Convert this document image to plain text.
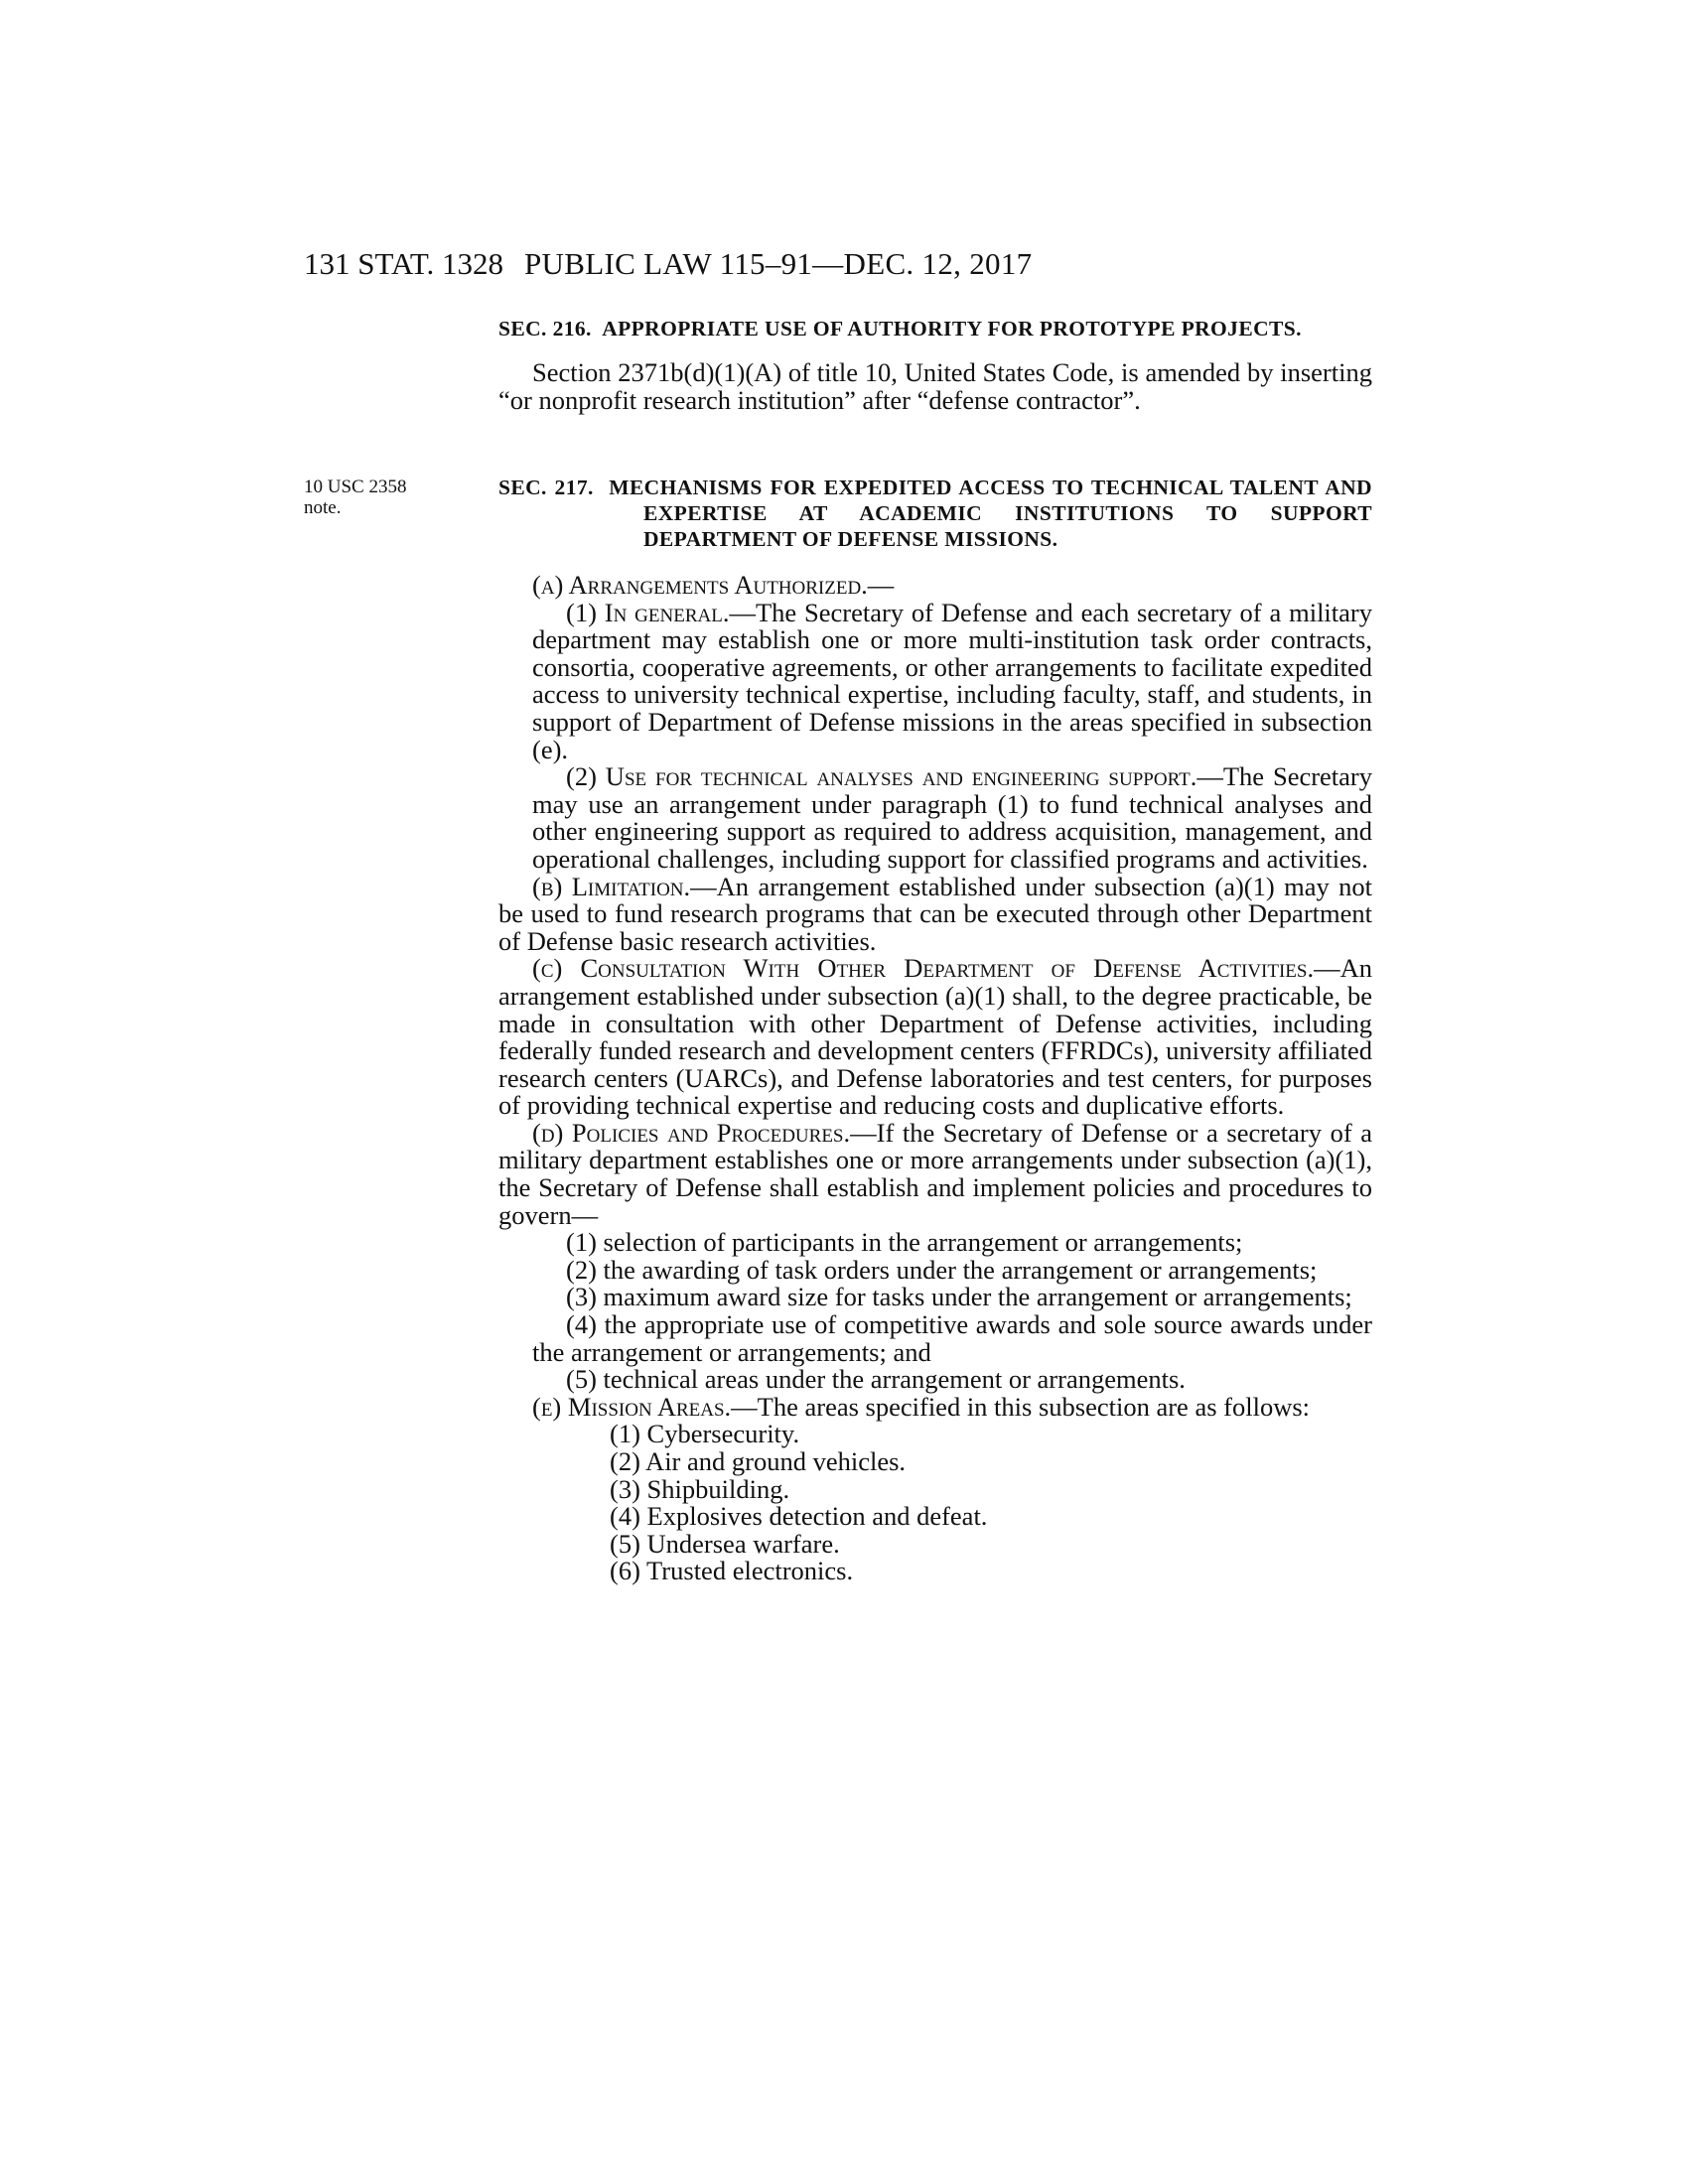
131 STAT. 1328 PUBLIC LAW 115–91—DEC. 12, 2017
SEC. 216. APPROPRIATE USE OF AUTHORITY FOR PROTOTYPE PROJECTS.

Section 2371b(d)(1)(A) of title 10, United States Code, is amended by inserting “or nonprofit research institution” after “defense contractor”.

10 USC 2358
note.
SEC. 217. MECHANISMS FOR EXPEDITED ACCESS TO TECHNICAL TALENT AND EXPERTISE AT ACADEMIC INSTITUTIONS TO SUPPORT DEPARTMENT OF DEFENSE MISSIONS.

(a) Arrangements Authorized.—

(1) In general.—The Secretary of Defense and each secretary of a military department may establish one or more multi-institution task order contracts, consortia, cooperative agreements, or other arrangements to facilitate expedited access to university technical expertise, including faculty, staff, and students, in support of Department of Defense missions in the areas specified in subsection (e).

(2) Use for technical analyses and engineering support.—The Secretary may use an arrangement under paragraph (1) to fund technical analyses and other engineering support as required to address acquisition, management, and operational challenges, including support for classified programs and activities.

(b) Limitation.—An arrangement established under subsection (a)(1) may not be used to fund research programs that can be executed through other Department of Defense basic research activities.

(c) Consultation With Other Department of Defense Activities.—An arrangement established under subsection (a)(1) shall, to the degree practicable, be made in consultation with other Department of Defense activities, including federally funded research and development centers (FFRDCs), university affiliated research centers (UARCs), and Defense laboratories and test centers, for purposes of providing technical expertise and reducing costs and duplicative efforts.

(d) Policies and Procedures.—If the Secretary of Defense or a secretary of a military department establishes one or more arrangements under subsection (a)(1), the Secretary of Defense shall establish and implement policies and procedures to govern—

(1) selection of participants in the arrangement or arrangements;

(2) the awarding of task orders under the arrangement or arrangements;

(3) maximum award size for tasks under the arrangement or arrangements;

(4) the appropriate use of competitive awards and sole source awards under the arrangement or arrangements; and

(5) technical areas under the arrangement or arrangements.

(e) Mission Areas.—The areas specified in this subsection are as follows:

(1) Cybersecurity.

(2) Air and ground vehicles.

(3) Shipbuilding.

(4) Explosives detection and defeat.

(5) Undersea warfare.

(6) Trusted electronics.
